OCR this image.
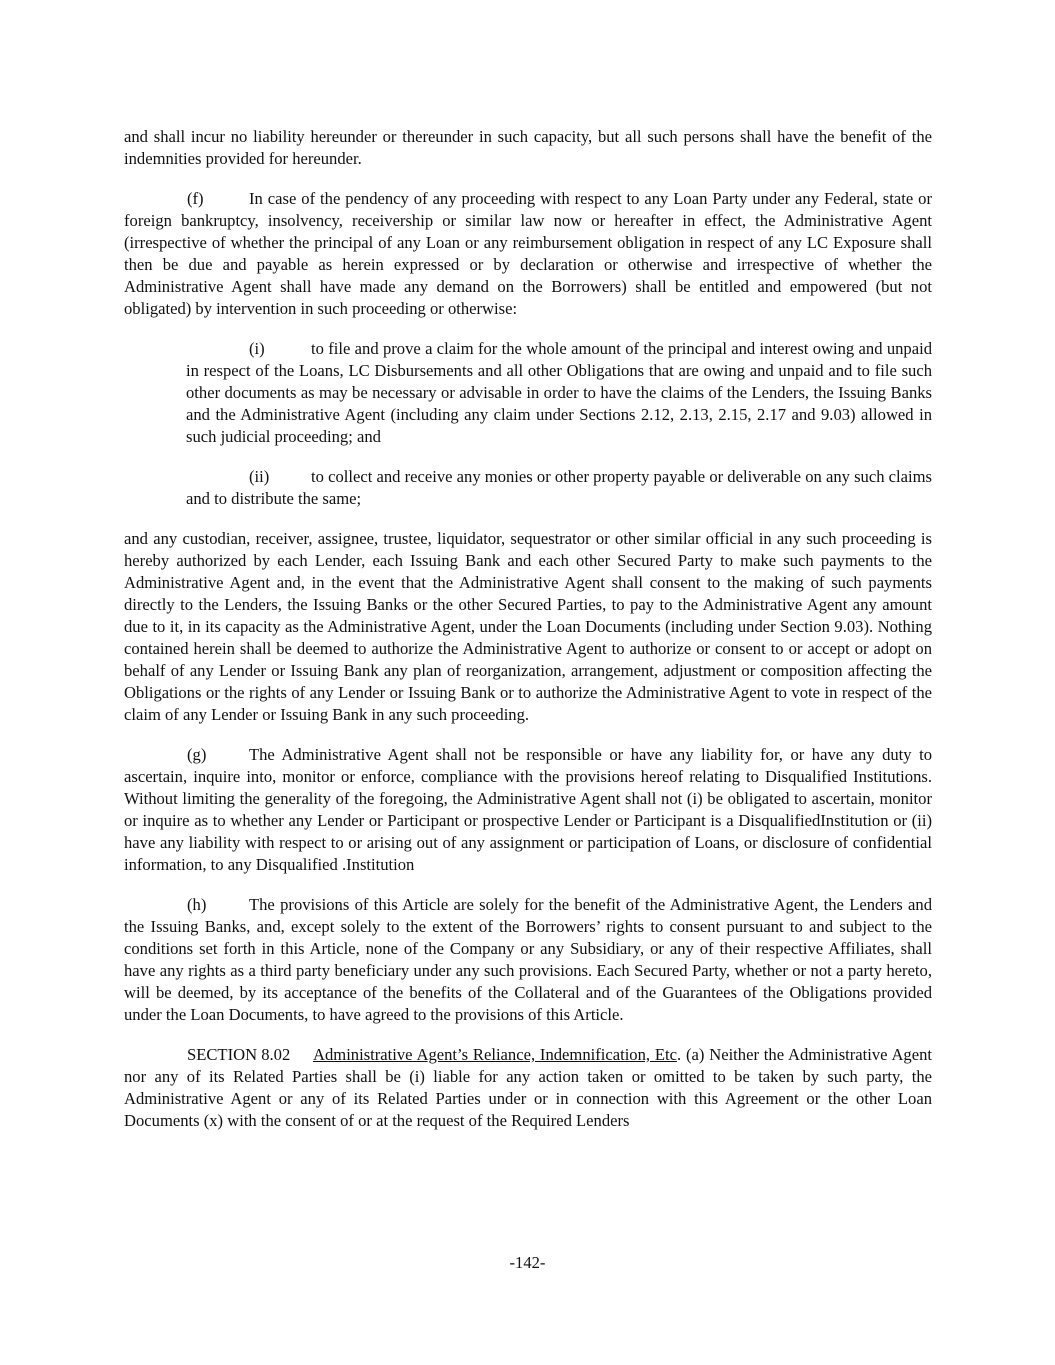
and shall incur no liability hereunder or thereunder in such capacity, but all such persons shall have the benefit of the indemnities provided for hereunder.

(f)	In case of the pendency of any proceeding with respect to any Loan Party under any Federal, state or foreign bankruptcy, insolvency, receivership or similar law now or hereafter in effect, the Administrative Agent (irrespective of whether the principal of any Loan or any reimbursement obligation in respect of any LC Exposure shall then be due and payable as herein expressed or by declaration or otherwise and irrespective of whether the Administrative Agent shall have made any demand on the Borrowers) shall be entitled and empowered (but not obligated) by intervention in such proceeding or otherwise:

(i)	to file and prove a claim for the whole amount of the principal and interest owing and unpaid in respect of the Loans, LC Disbursements and all other Obligations that are owing and unpaid and to file such other documents as may be necessary or advisable in order to have the claims of the Lenders, the Issuing Banks and the Administrative Agent (including any claim under Sections 2.12, 2.13, 2.15, 2.17 and 9.03) allowed in such judicial proceeding; and

(ii)	to collect and receive any monies or other property payable or deliverable on any such claims and to distribute the same;

and any custodian, receiver, assignee, trustee, liquidator, sequestrator or other similar official in any such proceeding is hereby authorized by each Lender, each Issuing Bank and each other Secured Party to make such payments to the Administrative Agent and, in the event that the Administrative Agent shall consent to the making of such payments directly to the Lenders, the Issuing Banks or the other Secured Parties, to pay to the Administrative Agent any amount due to it, in its capacity as the Administrative Agent, under the Loan Documents (including under Section 9.03). Nothing contained herein shall be deemed to authorize the Administrative Agent to authorize or consent to or accept or adopt on behalf of any Lender or Issuing Bank any plan of reorganization, arrangement, adjustment or composition affecting the Obligations or the rights of any Lender or Issuing Bank or to authorize the Administrative Agent to vote in respect of the claim of any Lender or Issuing Bank in any such proceeding.

(g)	The Administrative Agent shall not be responsible or have any liability for, or have any duty to ascertain, inquire into, monitor or enforce, compliance with the provisions hereof relating to Disqualified Institutions. Without limiting the generality of the foregoing, the Administrative Agent shall not (i) be obligated to ascertain, monitor or inquire as to whether any Lender or Participant or prospective Lender or Participant is a DisqualifiedInstitution or (ii) have any liability with respect to or arising out of any assignment or participation of Loans, or disclosure of confidential information, to any Disqualified .Institution

(h)	The provisions of this Article are solely for the benefit of the Administrative Agent, the Lenders and the Issuing Banks, and, except solely to the extent of the Borrowers’ rights to consent pursuant to and subject to the conditions set forth in this Article, none of the Company or any Subsidiary, or any of their respective Affiliates, shall have any rights as a third party beneficiary under any such provisions. Each Secured Party, whether or not a party hereto, will be deemed, by its acceptance of the benefits of the Collateral and of the Guarantees of the Obligations provided under the Loan Documents, to have agreed to the provisions of this Article.

SECTION 8.02 Administrative Agent’s Reliance, Indemnification, Etc. (a) Neither the Administrative Agent nor any of its Related Parties shall be (i) liable for any action taken or omitted to be taken by such party, the Administrative Agent or any of its Related Parties under or in connection with this Agreement or the other Loan Documents (x) with the consent of or at the request of the Required Lenders

-142-
